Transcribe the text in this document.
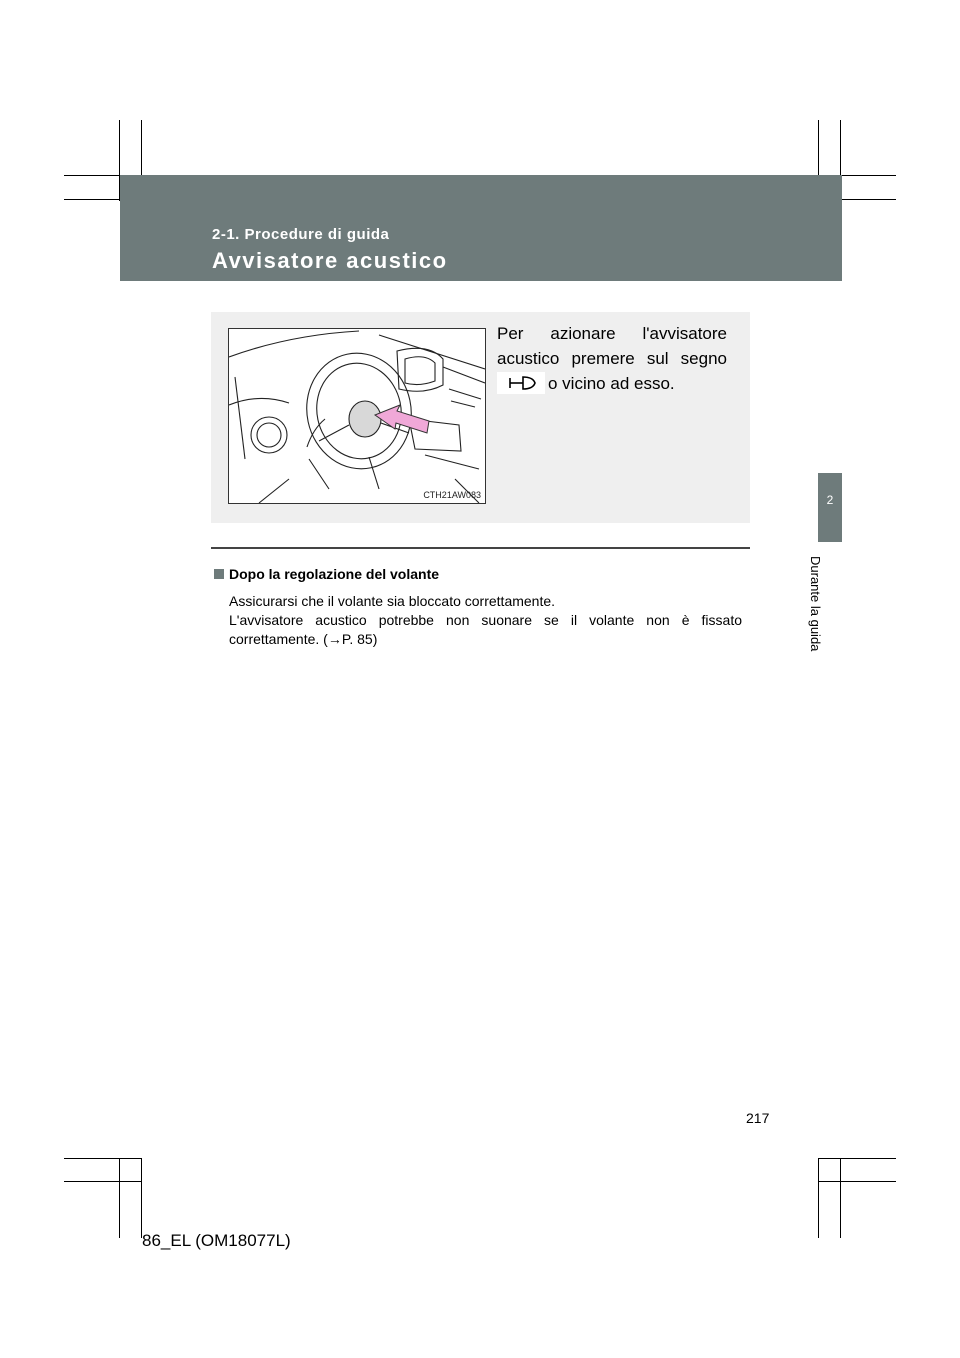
2-1. Procedure di guida

Avvisatore acustico

2
Durante la guida
CTH21AW083
Per azionare l'avvisatore
acustico premere sul segno
o vicino ad esso.
Dopo la regolazione del volante

Assicurarsi che il volante sia bloccato correttamente.

L'avvisatore acustico potrebbe non suonare se il volante non è fissato

correttamente. (→P. 85)

217
86_EL (OM18077L)
